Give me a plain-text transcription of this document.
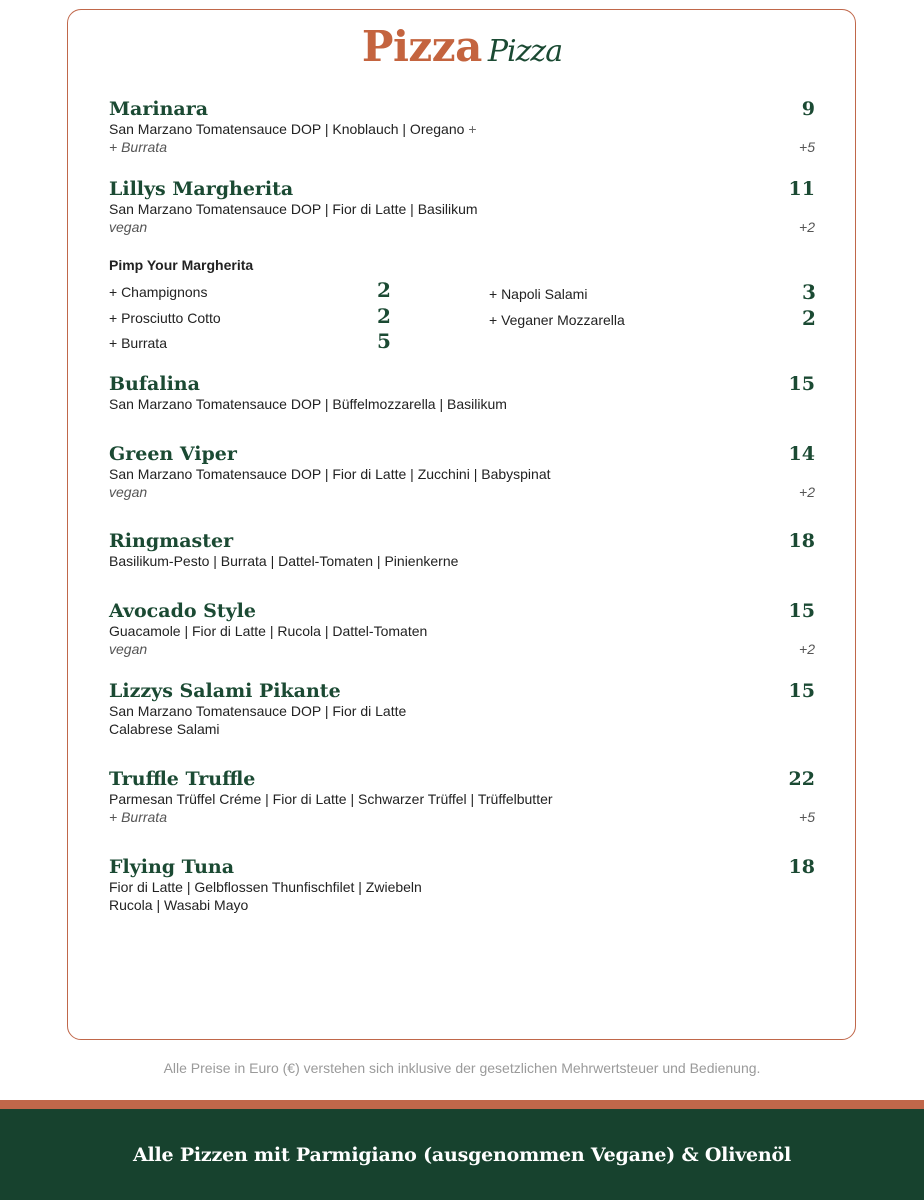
Pizza Pizza
Marinara	9
San Marzano Tomatensauce DOP | Knoblauch | Oregano +
+ Burrata	+5
Lillys Margherita	11
San Marzano Tomatensauce DOP | Fior di Latte | Basilikum
vegan	+2
Pimp Your Margherita
+ Champignons	2
+ Prosciutto Cotto	2
+ Burrata	5
+ Napoli Salami	3
+ Veganer Mozzarella	2
Bufalina	15
San Marzano Tomatensauce DOP | Büffelmozzarella | Basilikum
Green Viper	14
San Marzano Tomatensauce DOP | Fior di Latte | Zucchini | Babyspinat
vegan	+2
Ringmaster	18
Basilikum-Pesto | Burrata | Dattel-Tomaten | Pinienkerne
Avocado Style	15
Guacamole | Fior di Latte | Rucola | Dattel-Tomaten
vegan	+2
Lizzys Salami Pikante	15
San Marzano Tomatensauce DOP | Fior di Latte
Calabrese Salami
Truffle Truffle	22
Parmesan Trüffel Créme | Fior di Latte | Schwarzer Trüffel | Trüffelbutter
+ Burrata	+5
Flying Tuna	18
Fior di Latte | Gelbflossen Thunfischfilet | Zwiebeln
Rucola | Wasabi Mayo
Alle Preise in Euro (€) verstehen sich inklusive der gesetzlichen Mehrwertsteuer und Bedienung.
Alle Pizzen mit Parmigiano (ausgenommen Vegane) & Olivenöl
